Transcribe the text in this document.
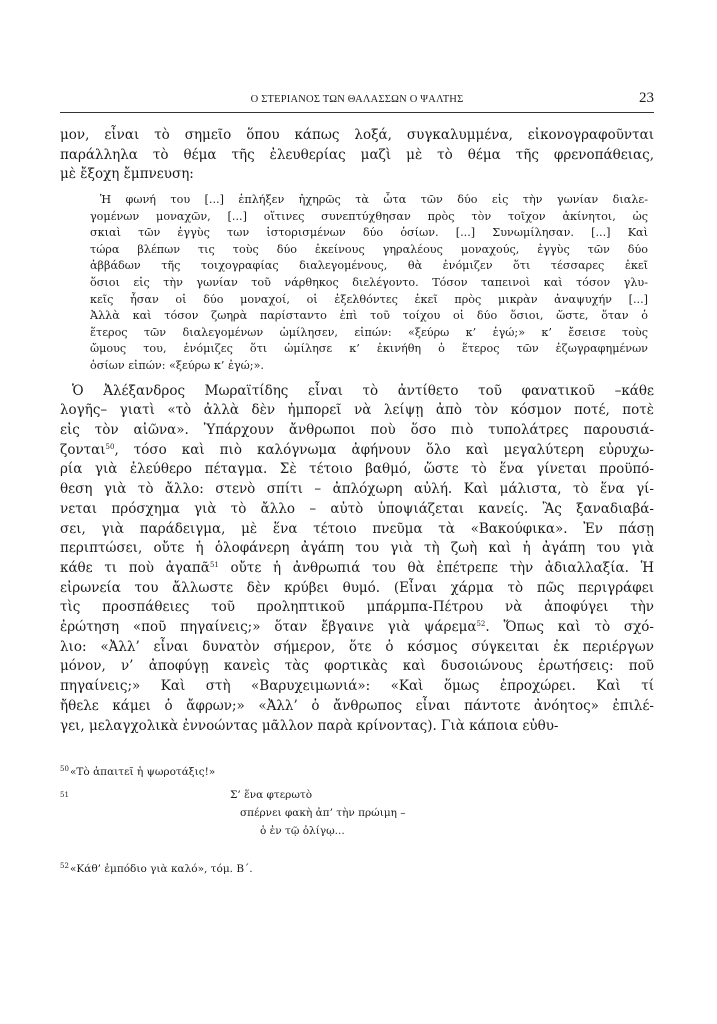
Ο ΣΤΕΡΙΑΝΟΣ ΤΩΝ ΘΑΛΑΣΣΩΝ Ο ΨΑΛΤΗΣ	23
μον, εἶναι τὸ σημεῖο ὅπου κάπως λοξά, συγκαλυμμένα, εἰκονογραφοῦνται
παράλληλα τὸ θέμα τῆς ἐλευθερίας μαζὶ μὲ τὸ θέμα τῆς φρενοπάθειας,
μὲ ἔξοχη ἔμπνευση:
Ἡ φωνή του [...] ἐπλήξεν ἠχηρῶς τὰ ὦτα τῶν δύο εἰς τὴν γωνίαν διαλε-
γομένων μοναχῶν, [...] οἵτινες συνεπτύχθησαν πρὸς τὸν τοῖχον ἀκίνητοι, ὡς
σκιαὶ τῶν ἐγγὺς των ἱστορισμένων δύο ὁσίων. [...] Συνωμίλησαν. [...] Καὶ
τώρα βλέπων τις τοὺς δύο ἐκείνους γηραλέους μοναχούς, ἐγγὺς τῶν δύο
ἀββάδων τῆς τοιχογραφίας διαλεγομένους, θὰ ἐνόμιζεν ὅτι τέσσαρες ἐκεῖ
ὅσιοι εἰς τὴν γωνίαν τοῦ νάρθηκος διελέγοντο. Τόσον ταπεινοὶ καὶ τόσον γλυ-
κεῖς ἦσαν οἱ δύο μοναχοί, οἱ ἐξελθόντες ἐκεῖ πρὸς μικρὰν ἀναψυχήν [...]
Ἀλλὰ καὶ τόσον ζωηρὰ παρίσταντο ἐπὶ τοῦ τοίχου οἱ δύο ὅσιοι, ὥστε, ὅταν ὁ
ἕτερος τῶν διαλεγομένων ὡμίλησεν, εἰπών: «ξεύρω κ’ ἐγώ;» κ’ ἔσεισε τοὺς
ὤμους του, ἐνόμιζες ὅτι ὡμίλησε κ’ ἐκινήθη ὁ ἕτερος τῶν ἐζωγραφημένων
ὁσίων εἰπών: «ξεύρω κ’ ἐγώ;».
Ὁ Ἀλέξανδρος Μωραϊτίδης εἶναι τὸ ἀντίθετο τοῦ φανατικοῦ –κάθε
λογῆς– γιατὶ «τὸ ἀλλὰ δὲν ἠμπορεῖ νὰ λείψῃ ἀπὸ τὸν κόσμον ποτέ, ποτὲ
εἰς τὸν αἰῶνα». Ὑπάρχουν ἄνθρωποι ποὺ ὅσο πιὸ τυπολάτρες παρουσιά-
ζονται$^{50}$, τόσο καὶ πιὸ καλόγνωμα ἀφήνουν ὅλο καὶ μεγαλύτερη εὐρυχω-
ρία γιὰ ἐλεύθερο πέταγμα. Σὲ τέτοιο βαθμό, ὥστε τὸ ἕνα γίνεται προϋπό-
θεση γιὰ τὸ ἄλλο: στενὸ σπίτι – ἀπλόχωρη αὐλή. Καὶ μάλιστα, τὸ ἕνα γί-
νεται πρόσχημα γιὰ τὸ ἄλλο – αὐτὸ ὑποψιάζεται κανείς. Ἂς ξαναδιαβά-
σει, γιὰ παράδειγμα, μὲ ἕνα τέτοιο πνεῦμα τὰ «Βακούφικα». Ἐν πάσῃ
περιπτώσει, οὔτε ἡ ὁλοφάνερη ἀγάπη του γιὰ τὴ ζωὴ καὶ ἡ ἀγάπη του γιὰ
κάθε τι ποὺ ἀγαπᾶ$^{51}$ οὔτε ἡ ἀνθρωπιά του θὰ ἐπέτρεπε τὴν ἀδιαλλαξία. Ἡ
εἰρωνεία του ἄλλωστε δὲν κρύβει θυμό. (Εἶναι χάρμα τὸ πῶς περιγράφει
τὶς προσπάθειες τοῦ προληπτικοῦ μπάρμπα-Πέτρου νὰ ἀποφύγει τὴν
ἐρώτηση «ποῦ πηγαίνεις;» ὅταν ἔβγαινε γιὰ ψάρεμα$^{52}$. Ὅπως καὶ τὸ σχό-
λιο: «Ἀλλ’ εἶναι δυνατὸν σήμερον, ὅτε ὁ κόσμος σύγκειται ἐκ περιέργων
μόνον, ν’ ἀποφύγῃ κανεὶς τὰς φορτικὰς καὶ δυσοιώνους ἐρωτήσεις: ποῦ
πηγαίνεις;» Καὶ στὴ «Βαρυχειμωνιά»: «Καὶ ὅμως ἐπροχώρει. Καὶ τί
ἤθελε κάμει ὁ ἄφρων;» «Ἀλλ’ ὁ ἄνθρωπος εἶναι πάντοτε ἀνόητος» ἐπιλέ-
γει, μελαγχολικὰ ἐννοώντας μᾶλλον παρὰ κρίνοντας). Γιὰ κάποια εὐθυ-
50 «Τὸ ἀπαιτεῖ ἡ ψωροτάξις!»
51	Σ’ ἕνα φτερωτὸ
σπέρνει φακὴ ἀπ’ τὴν πρώιμη –
ὁ ἐν τῷ ὀλίγῳ...
52 «Κάθ’ ἐμπόδιο γιὰ καλό», τόμ. Β΄.
